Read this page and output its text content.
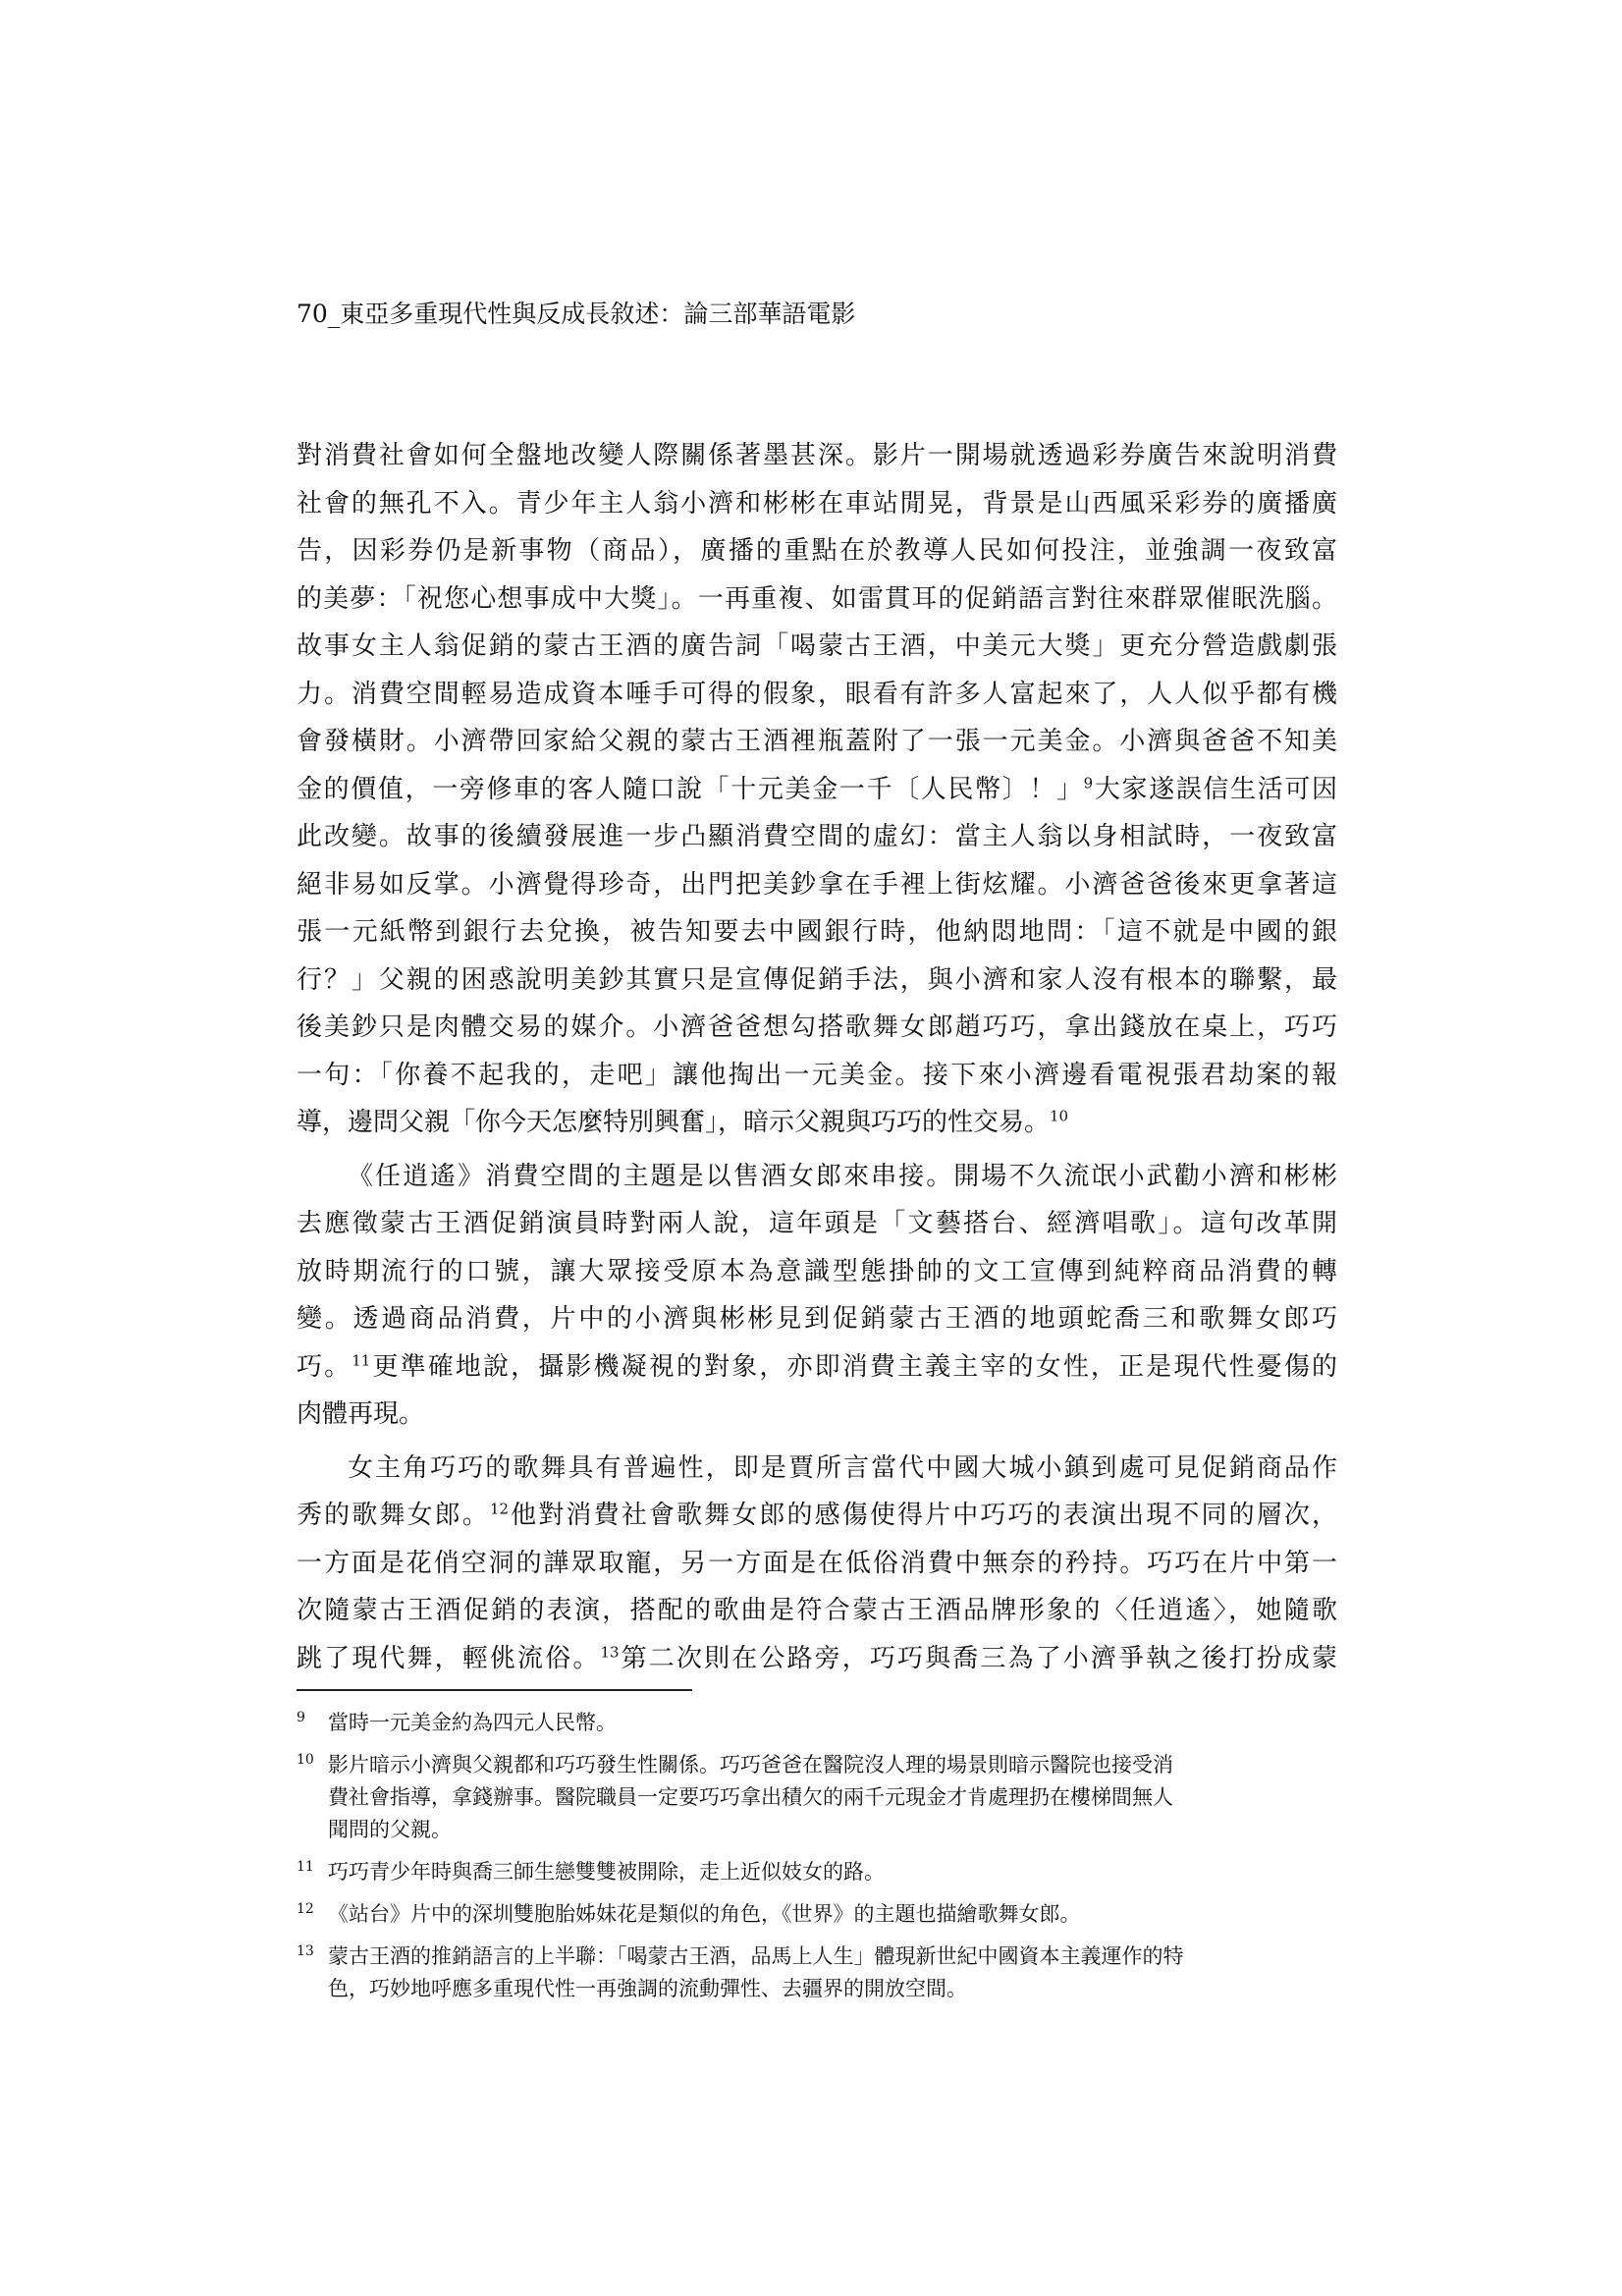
70_東亞多重現代性與反成長敘述：論三部華語電影
對消費社會如何全盤地改變人際關係著墨甚深。影片一開場就透過彩券廣告來說明消費
社會的無孔不入。青少年主人翁小濟和彬彬在車站閒晃，背景是山西風采彩券的廣播廣
告，因彩券仍是新事物（商品），廣播的重點在於教導人民如何投注，並強調一夜致富
的美夢：「祝您心想事成中大獎」。一再重複、如雷貫耳的促銷語言對往來群眾催眠洗腦。
故事女主人翁促銷的蒙古王酒的廣告詞「喝蒙古王酒，中美元大獎」更充分營造戲劇張
力。消費空間輕易造成資本唾手可得的假象，眼看有許多人富起來了，人人似乎都有機
會發橫財。小濟帶回家給父親的蒙古王酒裡瓶蓋附了一張一元美金。小濟與爸爸不知美
金的價值，一旁修車的客人隨口說「十元美金一千〔人民幣〕！」$^9$大家遂誤信生活可因
此改變。故事的後續發展進一步凸顯消費空間的虛幻：當主人翁以身相試時，一夜致富
絕非易如反掌。小濟覺得珍奇，出門把美鈔拿在手裡上街炫耀。小濟爸爸後來更拿著這
張一元紙幣到銀行去兌換，被告知要去中國銀行時，他納悶地問：「這不就是中國的銀
行？」父親的困惑說明美鈔其實只是宣傳促銷手法，與小濟和家人沒有根本的聯繫，最
後美鈔只是肉體交易的媒介。小濟爸爸想勾搭歌舞女郎趙巧巧，拿出錢放在桌上，巧巧
一句：「你養不起我的，走吧」讓他掏出一元美金。接下來小濟邊看電視張君劫案的報
導，邊問父親「你今天怎麼特別興奮」，暗示父親與巧巧的性交易。$^{10}$
《任逍遙》消費空間的主題是以售酒女郎來串接。開場不久流氓小武勸小濟和彬彬
去應徵蒙古王酒促銷演員時對兩人說，這年頭是「文藝搭台、經濟唱歌」。這句改革開
放時期流行的口號，讓大眾接受原本為意識型態掛帥的文工宣傳到純粹商品消費的轉
變。透過商品消費，片中的小濟與彬彬見到促銷蒙古王酒的地頭蛇喬三和歌舞女郎巧
巧。$^{11}$更準確地說，攝影機凝視的對象，亦即消費主義主宰的女性，正是現代性憂傷的
肉體再現。
女主角巧巧的歌舞具有普遍性，即是賈所言當代中國大城小鎮到處可見促銷商品作
秀的歌舞女郎。$^{12}$他對消費社會歌舞女郎的感傷使得片中巧巧的表演出現不同的層次，
一方面是花俏空洞的譁眾取寵，另一方面是在低俗消費中無奈的矜持。巧巧在片中第一
次隨蒙古王酒促銷的表演，搭配的歌曲是符合蒙古王酒品牌形象的〈任逍遙〉，她隨歌
跳了現代舞，輕佻流俗。$^{13}$第二次則在公路旁，巧巧與喬三為了小濟爭執之後打扮成蒙
9 當時一元美金約為四元人民幣。
10 影片暗示小濟與父親都和巧巧發生性關係。巧巧爸爸在醫院沒人理的場景則暗示醫院也接受消
費社會指導，拿錢辦事。醫院職員一定要巧巧拿出積欠的兩千元現金才肯處理扔在樓梯間無人
聞問的父親。
11 巧巧青少年時與喬三師生戀雙雙被開除，走上近似妓女的路。
12 《站台》片中的深圳雙胞胎姊妹花是類似的角色，《世界》的主題也描繪歌舞女郎。
13 蒙古王酒的推銷語言的上半聯：「喝蒙古王酒，品馬上人生」體現新世紀中國資本主義運作的特
色，巧妙地呼應多重現代性一再強調的流動彈性、去疆界的開放空間。
